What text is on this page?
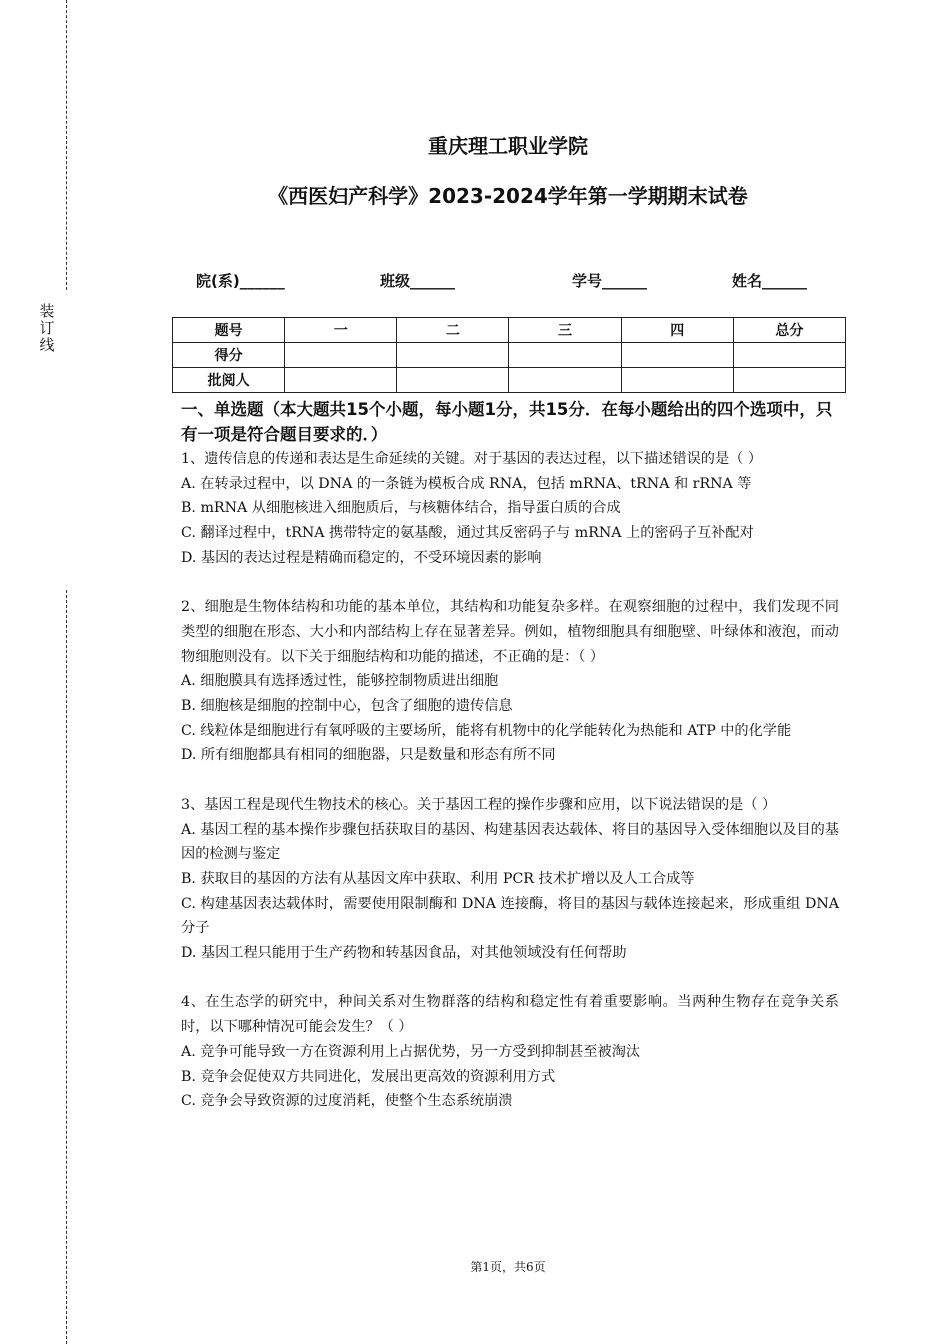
装
订
线
重庆理工职业学院
《西医妇产科学》2023-2024学年第一学期期末试卷
院(系)______	班级______	学号______	姓名______
题号	一	二	三	四	总分
得分					
批阅人					
一、单选题（本大题共15个小题，每小题1分，共15分．在每小题给出的四个选项中，只有一项是符合题目要求的．）

1、遗传信息的传递和表达是生命延续的关键。对于基因的表达过程，以下描述错误的是（ ）

A. 在转录过程中，以 DNA 的一条链为模板合成 RNA，包括 mRNA、tRNA 和 rRNA 等

B. mRNA 从细胞核进入细胞质后，与核糖体结合，指导蛋白质的合成

C. 翻译过程中，tRNA 携带特定的氨基酸，通过其反密码子与 mRNA 上的密码子互补配对

D. 基因的表达过程是精确而稳定的，不受环境因素的影响

2、细胞是生物体结构和功能的基本单位，其结构和功能复杂多样。在观察细胞的过程中，我们发现不同类型的细胞在形态、大小和内部结构上存在显著差异。例如，植物细胞具有细胞壁、叶绿体和液泡，而动物细胞则没有。以下关于细胞结构和功能的描述，不正确的是：（ ）

A. 细胞膜具有选择透过性，能够控制物质进出细胞

B. 细胞核是细胞的控制中心，包含了细胞的遗传信息

C. 线粒体是细胞进行有氧呼吸的主要场所，能将有机物中的化学能转化为热能和 ATP 中的化学能

D. 所有细胞都具有相同的细胞器，只是数量和形态有所不同

3、基因工程是现代生物技术的核心。关于基因工程的操作步骤和应用，以下说法错误的是（ ）

A. 基因工程的基本操作步骤包括获取目的基因、构建基因表达载体、将目的基因导入受体细胞以及目的基因的检测与鉴定

B. 获取目的基因的方法有从基因文库中获取、利用 PCR 技术扩增以及人工合成等

C. 构建基因表达载体时，需要使用限制酶和 DNA 连接酶，将目的基因与载体连接起来，形成重组 DNA 分子

D. 基因工程只能用于生产药物和转基因食品，对其他领域没有任何帮助

4、在生态学的研究中，种间关系对生物群落的结构和稳定性有着重要影响。当两种生物存在竞争关系时，以下哪种情况可能会发生？（ ）

A. 竞争可能导致一方在资源利用上占据优势，另一方受到抑制甚至被淘汰

B. 竞争会促使双方共同进化，发展出更高效的资源利用方式

C. 竞争会导致资源的过度消耗，使整个生态系统崩溃

第1页，共6页
